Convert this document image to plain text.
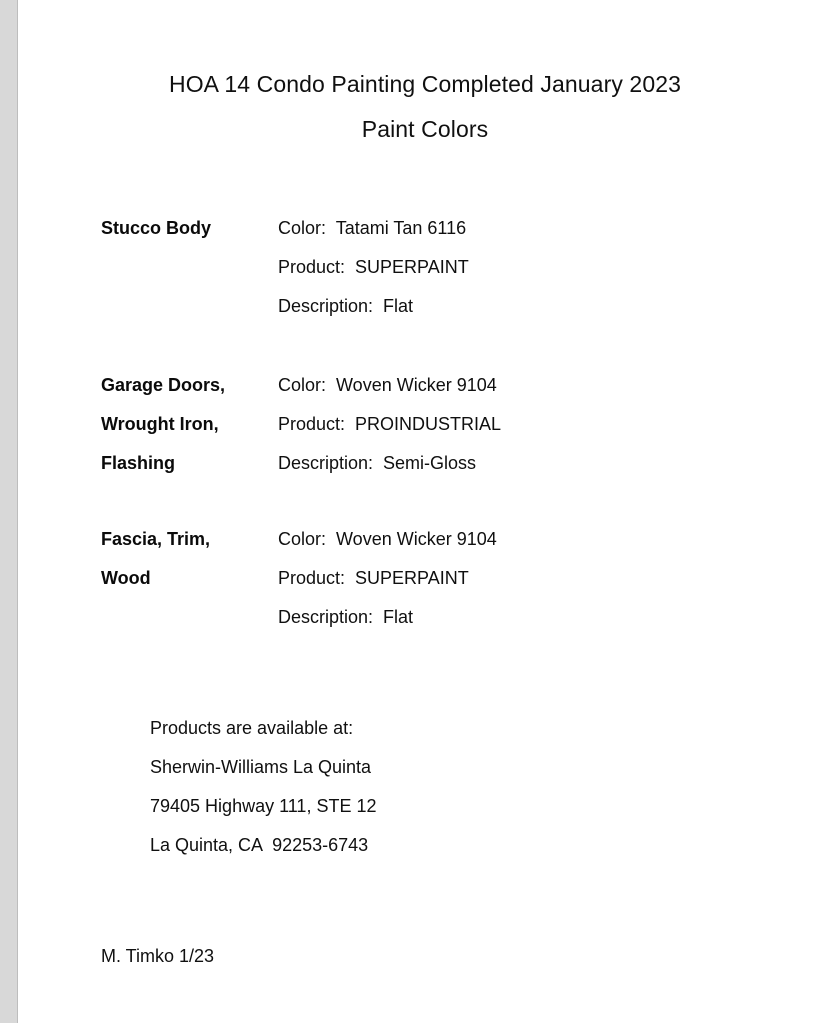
HOA 14 Condo Painting Completed January 2023
Paint Colors
Stucco Body	Color:  Tatami Tan 6116
Product:  SUPERPAINT
Description:  Flat
Garage Doors,
Wrought Iron,
Flashing
Color:  Woven Wicker 9104
Product:  PROINDUSTRIAL
Description:  Semi-Gloss
Fascia, Trim,
Wood
Color:  Woven Wicker 9104
Product:  SUPERPAINT
Description:  Flat
Products are available at:
Sherwin-Williams La Quinta
79405 Highway 111, STE 12
La Quinta, CA  92253-6743
M. Timko 1/23
